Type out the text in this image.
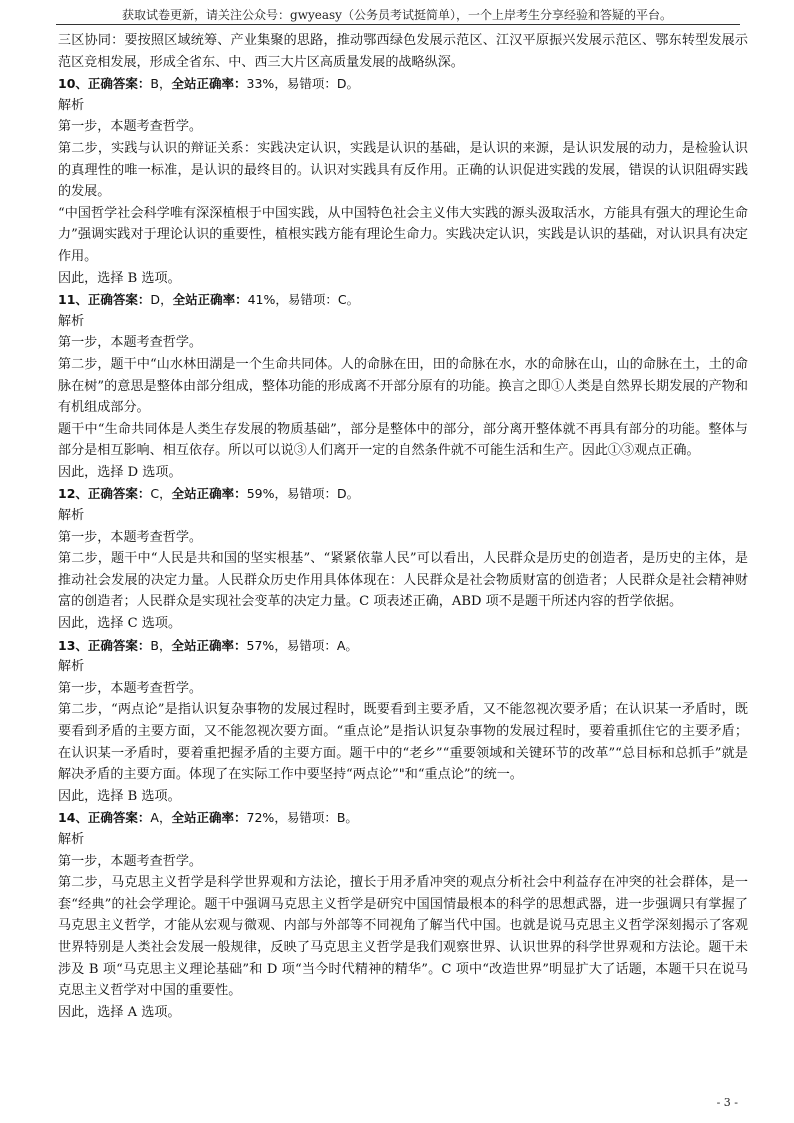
获取试卷更新，请关注公众号：gwyeasy（公务员考试挺简单），一个上岸考生分享经验和答疑的平台。

三区协同：要按照区域统筹、产业集聚的思路，推动鄂西绿色发展示范区、江汉平原振兴发展示范区、鄂东转型发展示范区竞相发展，形成全省东、中、西三大片区高质量发展的战略纵深。

10、正确答案：B，全站正确率：33%，易错项：D。

解析

第一步，本题考查哲学。

第二步，实践与认识的辩证关系：实践决定认识，实践是认识的基础，是认识的来源，是认识发展的动力，是检验认识的真理性的唯一标准，是认识的最终目的。认识对实践具有反作用。正确的认识促进实践的发展，错误的认识阻碍实践的发展。

“中国哲学社会科学唯有深深植根于中国实践，从中国特色社会主义伟大实践的源头汲取活水，方能具有强大的理论生命力”强调实践对于理论认识的重要性，植根实践方能有理论生命力。实践决定认识，实践是认识的基础，对认识具有决定作用。

因此，选择 B 选项。

11、正确答案：D，全站正确率：41%，易错项：C。

解析

第一步，本题考查哲学。

第二步，题干中“山水林田湖是一个生命共同体。人的命脉在田，田的命脉在水，水的命脉在山，山的命脉在土，土的命脉在树”的意思是整体由部分组成，整体功能的形成离不开部分原有的功能。换言之即①人类是自然界长期发展的产物和有机组成部分。

题干中“生命共同体是人类生存发展的物质基础”，部分是整体中的部分，部分离开整体就不再具有部分的功能。整体与部分是相互影响、相互依存。所以可以说③人们离开一定的自然条件就不可能生活和生产。因此①③观点正确。

因此，选择 D 选项。

12、正确答案：C，全站正确率：59%，易错项：D。

解析

第一步，本题考查哲学。

第二步，题干中“人民是共和国的坚实根基”、“紧紧依靠人民”可以看出，人民群众是历史的创造者，是历史的主体，是推动社会发展的决定力量。人民群众历史作用具体体现在：人民群众是社会物质财富的创造者；人民群众是社会精神财富的创造者；人民群众是实现社会变革的决定力量。C 项表述正确，ABD 项不是题干所述内容的哲学依据。

因此，选择 C 选项。

13、正确答案：B，全站正确率：57%，易错项：A。

解析

第一步，本题考查哲学。

第二步，“两点论”是指认识复杂事物的发展过程时，既要看到主要矛盾，又不能忽视次要矛盾；在认识某一矛盾时，既要看到矛盾的主要方面，又不能忽视次要方面。“重点论”是指认识复杂事物的发展过程时，要着重抓住它的主要矛盾；在认识某一矛盾时，要着重把握矛盾的主要方面。题干中的“老乡”“重要领域和关键环节的改革”“总目标和总抓手”就是解决矛盾的主要方面。体现了在实际工作中要坚持“两点论”"和“重点论”的统一。

因此，选择 B 选项。

14、正确答案：A，全站正确率：72%，易错项：B。

解析

第一步，本题考查哲学。

第二步，马克思主义哲学是科学世界观和方法论，擅长于用矛盾冲突的观点分析社会中利益存在冲突的社会群体，是一套“经典”的社会学理论。题干中强调马克思主义哲学是研究中国国情最根本的科学的思想武器，进一步强调只有掌握了马克思主义哲学，才能从宏观与微观、内部与外部等不同视角了解当代中国。也就是说马克思主义哲学深刻揭示了客观世界特别是人类社会发展一般规律，反映了马克思主义哲学是我们观察世界、认识世界的科学世界观和方法论。题干未涉及 B 项“马克思主义理论基础”和 D 项“当今时代精神的精华”。C 项中“改造世界”明显扩大了话题，本题干只在说马克思主义哲学对中国的重要性。

因此，选择 A 选项。

- 3 -
